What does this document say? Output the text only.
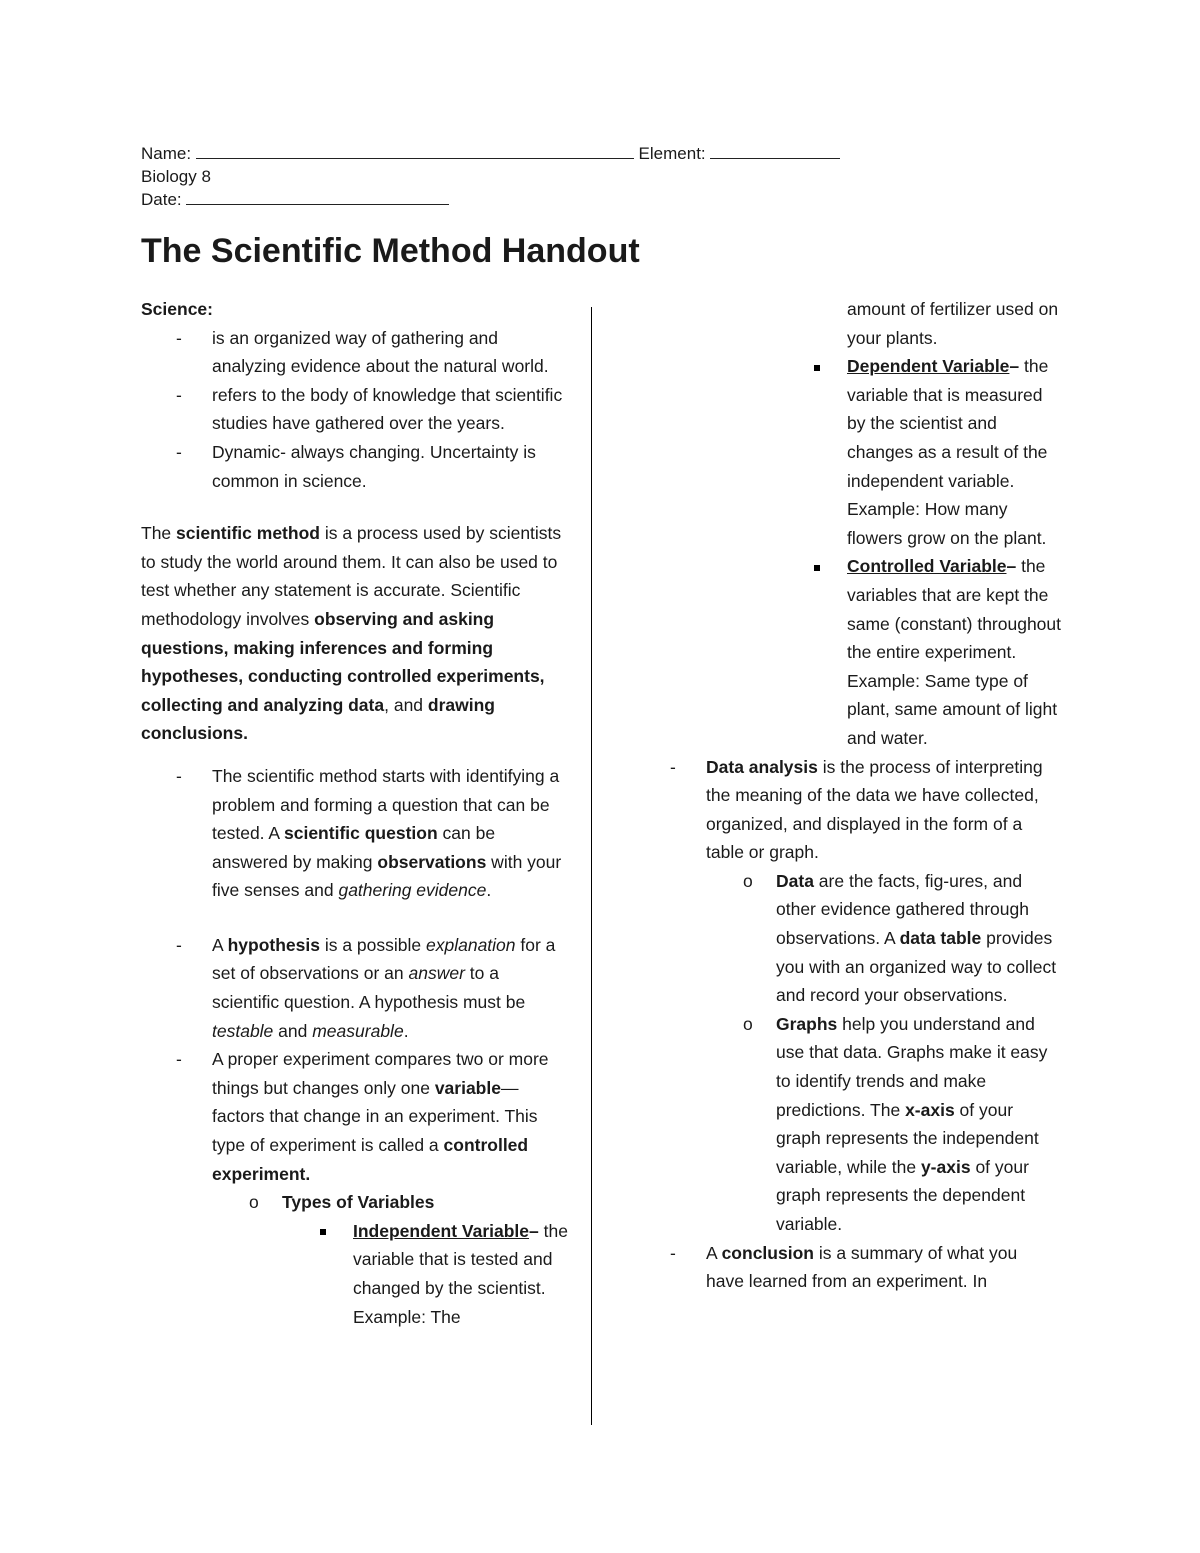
Name:	Element:
Biology 8
Date:
The Scientific Method Handout

Science:

- is an organized way of gathering and analyzing evidence about the natural world.
- refers to the body of knowledge that scientific studies have gathered over the years.
- Dynamic- always changing. Uncertainty is common in science.

The scientific method is a process used by scientists to study the world around them. It can also be used to test whether any statement is accurate. Scientific methodology involves observing and asking questions, making inferences and forming hypotheses, conducting controlled experiments, collecting and analyzing data, and drawing conclusions.

- The scientific method starts with identifying a problem and forming a question that can be tested. A scientific question can be answered by making observations with your five senses and gathering evidence.
- A hypothesis is a possible explanation for a set of observations or an answer to a scientific question. A hypothesis must be testable and measurable.
- A proper experiment compares two or more things but changes only one variable—factors that change in an experiment. This type of experiment is called a controlled experiment.
o Types of Variables
Independent Variable– the variable that is tested and changed by the scientist. Example: The
amount of fertilizer used on your plants.
Dependent Variable– the variable that is measured by the scientist and changes as a result of the independent variable. Example: How many flowers grow on the plant.
Controlled Variable– the variables that are kept the same (constant) throughout the entire experiment. Example: Same type of plant, same amount of light and water.
- Data analysis is the process of interpreting the meaning of the data we have collected, organized, and displayed in the form of a table or graph.
o Data are the facts, fig-ures, and other evidence gathered through observations. A data table provides you with an organized way to collect and record your observations.
o Graphs help you understand and use that data. Graphs make it easy to identify trends and make predictions. The x-axis of your graph represents the independent variable, while the y-axis of your graph represents the dependent variable.
- A conclusion is a summary of what you have learned from an experiment. In
